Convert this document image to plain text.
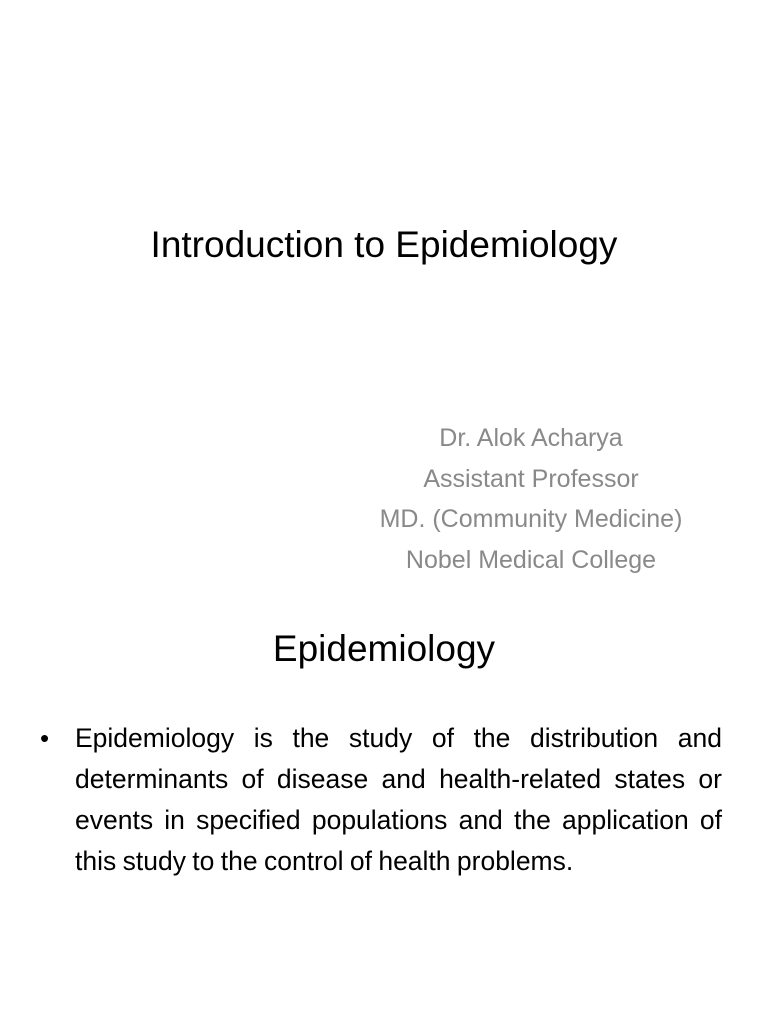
Introduction to Epidemiology
Dr. Alok Acharya
Assistant Professor
MD. (Community Medicine)
Nobel Medical College
Epidemiology
• Epidemiology is the study of the distribution and determinants of disease and health-related states or events in specified populations and the application of this study to the control of health problems.
